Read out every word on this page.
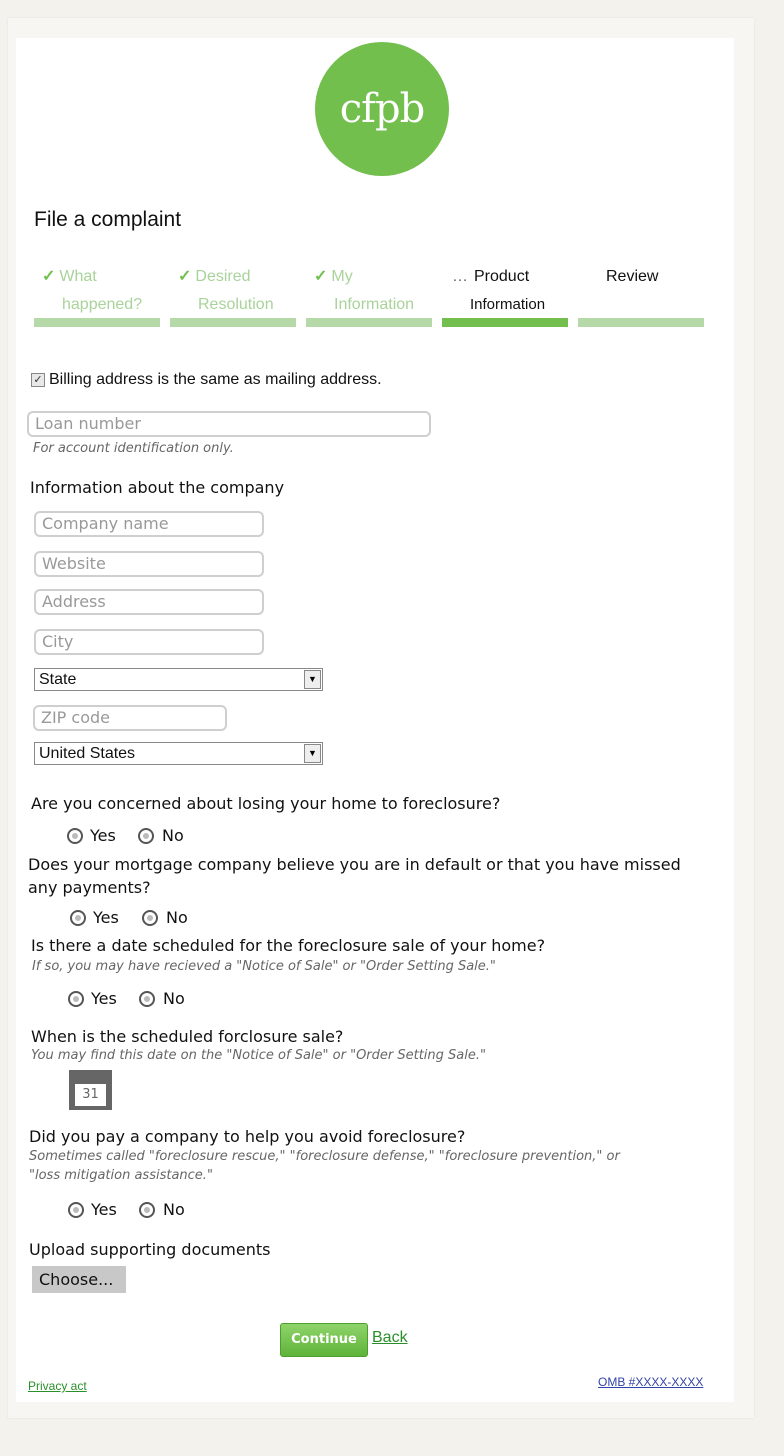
cfpb
File a complaint
✓ What
happened?
✓ Desired
Resolution
✓ My
Information
… Product
Information
Review
✓ Billing address is the same as mailing address.
Loan number
For account identification only.
Information about the company
Company name
Website
Address
City
State	▼
ZIP code
United States	▼
Are you concerned about losing your home to foreclosure?
Yes	No
Does your mortgage company believe you are in default or that you have missed
any payments?
Yes	No
Is there a date scheduled for the foreclosure sale of your home?
If so, you may have recieved a "Notice of Sale" or "Order Setting Sale."
Yes	No
When is the scheduled forclosure sale?
You may find this date on the "Notice of Sale" or "Order Setting Sale."
31
Did you pay a company to help you avoid foreclosure?
Sometimes called "foreclosure rescue," "foreclosure defense," "foreclosure prevention," or
"loss mitigation assistance."
Yes	No
Upload supporting documents
Choose...
Continue Back
Privacy act	OMB #XXXX-XXXX
